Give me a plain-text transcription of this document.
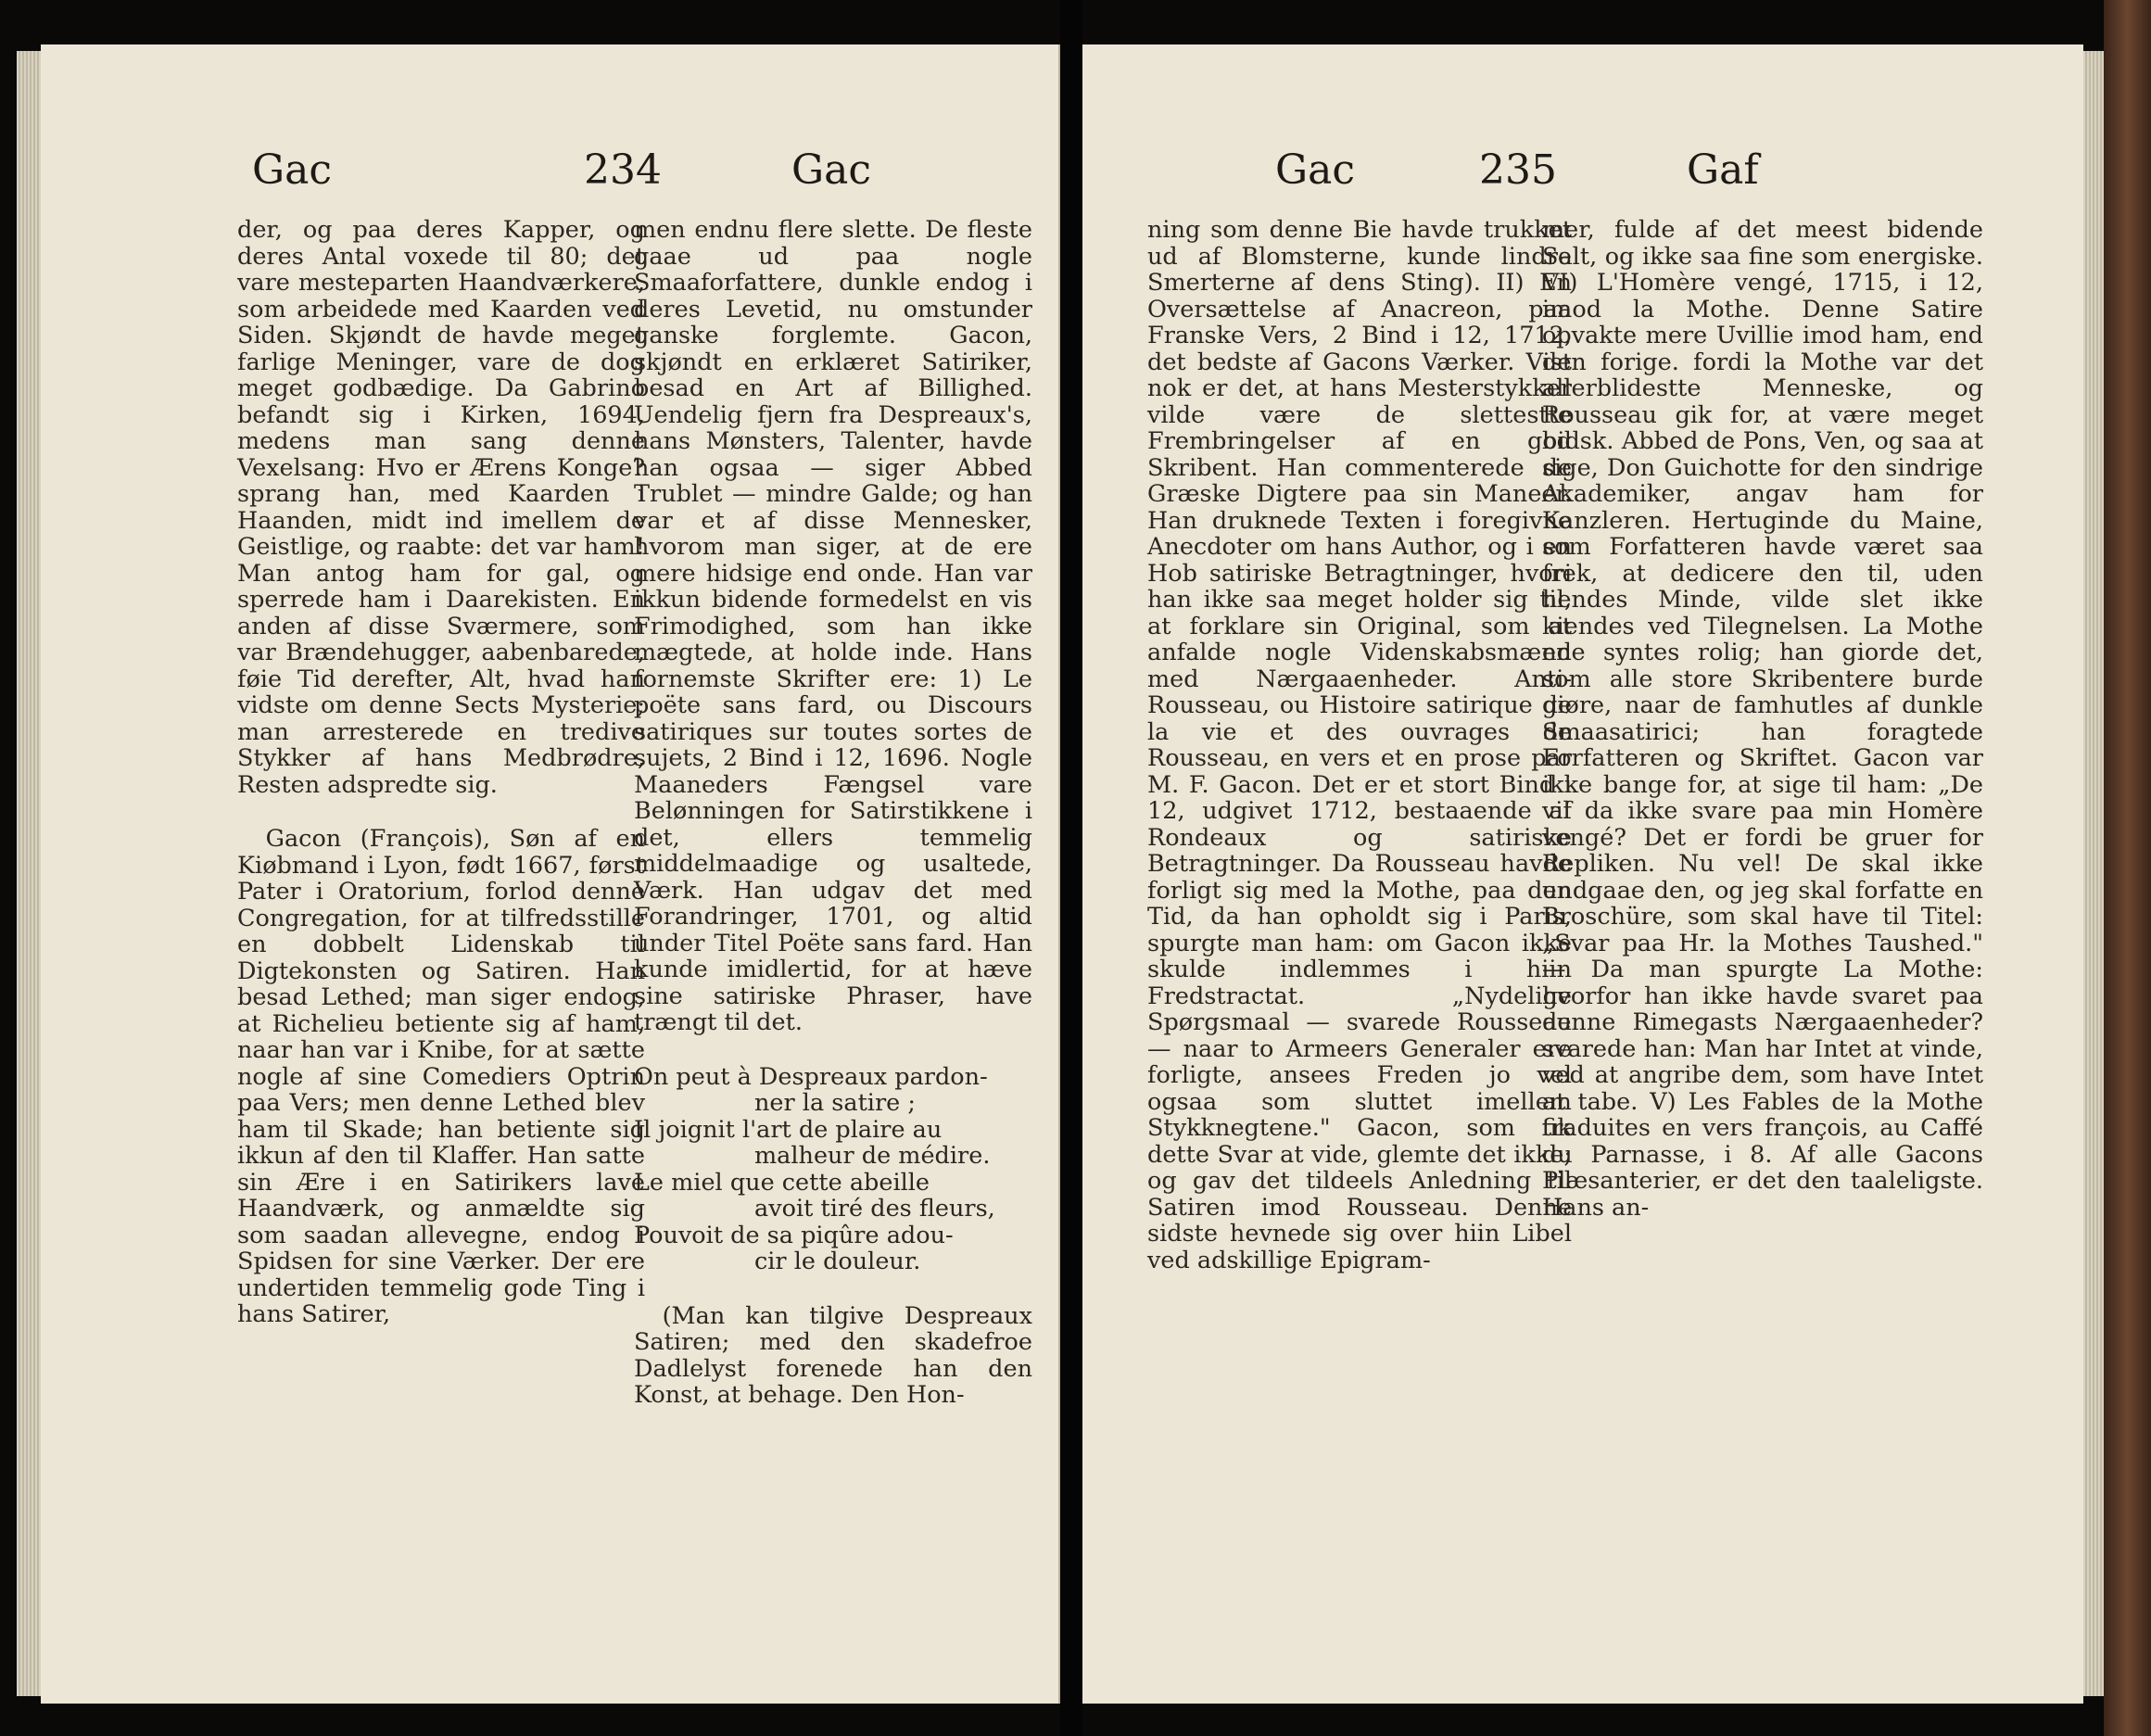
Gac	234	Gac

der, og paa deres Kapper, og deres Antal voxede til 80; det vare mesteparten Haandværkere, som arbeidede med Kaarden ved Siden. Skjøndt de havde meget farlige Meninger, vare de dog meget godbædige. Da Gabrino befandt sig i Kirken, 1694, medens man sang denne Vexelsang: Hvo er Ærens Konge? sprang han, med Kaarden i Haanden, midt ind imellem de Geistlige, og raabte: det var ham! Man antog ham for gal, og sperrede ham i Daarekisten. En anden af disse Sværmere, som var Brændehugger, aabenbarede, føie Tid derefter, Alt, hvad han vidste om denne Sects Mysterie; man arresterede en tredive Stykker af hans Medbrødre, Resten adspredte sig.

Gacon (François), Søn af en Kiøbmand i Lyon, født 1667, først Pater i Oratorium, forlod denne Congregation, for at tilfredsstille en dobbelt Lidenskab til Digtekonsten og Satiren. Han besad Lethed; man siger endog, at Richelieu betiente sig af ham, naar han var i Knibe, for at sætte nogle af sine Comediers Optrin paa Vers; men denne Lethed blev ham til Skade; han betiente sig ikkun af den til Klaffer. Han satte sin Ære i en Satirikers lave Haandværk, og anmældte sig som saadan allevegne, endog i Spidsen for sine Værker. Der ere undertiden temmelig gode Ting i hans Satirer,

men endnu flere slette. De fleste gaae ud paa nogle Smaaforfattere, dunkle endog i deres Levetid, nu omstunder ganske forglemte. Gacon, skjøndt en erklæret Satiriker, besad en Art af Billighed. Uendelig fjern fra Despreaux's, hans Mønsters, Talenter, havde han ogsaa — siger Abbed Trublet — mindre Galde; og han var et af disse Mennesker, hvorom man siger, at de ere mere hidsige end onde. Han var ikkun bidende formedelst en vis Frimodighed, som han ikke mægtede, at holde inde. Hans fornemste Skrifter ere: 1) Le poëte sans fard, ou Discours satiriques sur toutes sortes de sujets, 2 Bind i 12, 1696. Nogle Maaneders Fængsel vare Belønningen for Satirstikkene i det, ellers temmelig middelmaadige og usaltede, Værk. Han udgav det med Forandringer, 1701, og altid under Titel Poëte sans fard. Han kunde imidlertid, for at hæve sine satiriske Phraser, have trængt til det.

On peut à Despreaux pardon-
ner la satire ;
Il joignit l'art de plaire au
malheur de médire.
Le miel que cette abeille
avoit tiré des fleurs,
Pouvoit de sa piqûre adou-
cir le douleur.

(Man kan tilgive Despreaux Satiren; med den skadefroe Dadlelyst forenede han den Konst, at behage. Den Hon-

Gac	235	Gaf

ning som denne Bie havde trukket ud af Blomsterne, kunde lindre Smerterne af dens Sting). II) En Oversættelse af Anacreon, paa Franske Vers, 2 Bind i 12, 1712, det bedste af Gacons Værker. Vist nok er det, at hans Mesterstykker vilde være de slettestte Frembringelser af en god Skribent. Han commenterede de Græske Digtere paa sin Maneer. Han druknede Texten i foregivne Anecdoter om hans Author, og i en Hob satiriske Betragtninger, hvori han ikke saa meget holder sig til, at forklare sin Original, som at anfalde nogle Videnskabsmænd med Nærgaaenheder. Anti-Rousseau, ou Histoire satirique de la vie et des ouvrages de Rousseau, en vers et en prose par M. F. Gacon. Det er et stort Bind i 12, udgivet 1712, bestaaende af Rondeaux og satiriske Betragtninger. Da Rousseau havde forligt sig med la Mothe, paa den Tid, da han opholdt sig i Paris, spurgte man ham: om Gacon ikke skulde indlemmes i hiin Fredstractat. „Nydelige Spørgsmaal — svarede Rousseau — naar to Armeers Generaler ere forligte, ansees Freden jo vel ogsaa som sluttet imellem Stykknegtene." Gacon, som fik dette Svar at vide, glemte det ikke; og gav det tildeels Anledning til Satiren imod Rousseau. Denne sidste hevnede sig over hiin Libel ved adskillige Epigram-

mer, fulde af det meest bidende Salt, og ikke saa fine som energiske. VI) L'Homère vengé, 1715, i 12, imod la Mothe. Denne Satire opvakte mere Uvillie imod ham, end den forige. fordi la Mothe var det allerblidestte Menneske, og Rousseau gik for, at være meget bidsk. Abbed de Pons, Ven, og saa at sige, Don Guichotte for den sindrige Akademiker, angav ham for Kanzleren. Hertuginde du Maine, som Forfatteren havde været saa frek, at dedicere den til, uden hendes Minde, vilde slet ikke kiendes ved Tilegnelsen. La Mothe ene syntes rolig; han giorde det, som alle store Skribentere burde giøre, naar de famhutles af dunkle Smaasatirici; han foragtede Forfatteren og Skriftet. Gacon var ikke bange for, at sige til ham: „De vil da ikke svare paa min Homère vengé? Det er fordi be gruer for Repliken. Nu vel! De skal ikke undgaae den, og jeg skal forfatte en Broschüre, som skal have til Titel: „Svar paa Hr. la Mothes Taushed." — Da man spurgte La Mothe: hvorfor han ikke havde svaret paa denne Rimegasts Nærgaaenheder? svarede han: Man har Intet at vinde, ved at angribe dem, som have Intet at tabe. V) Les Fables de la Mothe traduites en vers françois, au Caffé du Parnasse, i 8. Af alle Gacons Plæsanterier, er det den taaleligste. Hans an-
